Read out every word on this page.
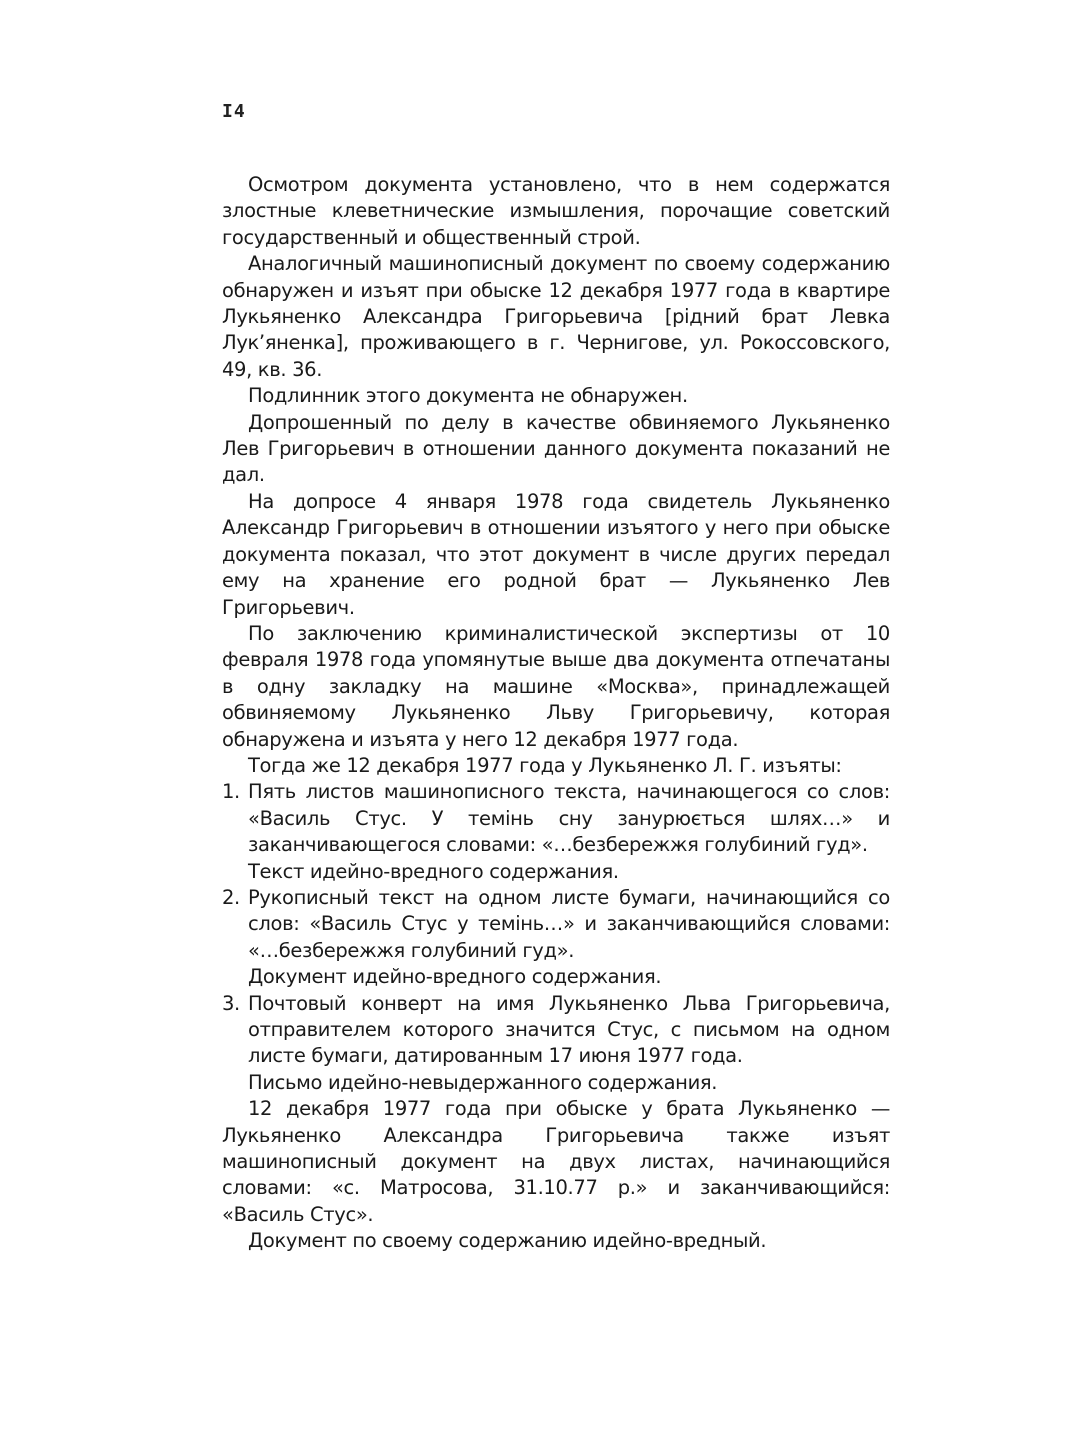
I4

Осмотром документа установлено, что в нем содержатся злостные клеветнические измышления, порочащие советский государственный и общественный строй.

Аналогичный машинописный документ по своему содержанию обнаружен и изъят при обыске 12 декабря 1977 года в квартире Лукьяненко Александра Григорьевича [рідний брат Левка Лук’яненка], проживающего в г. Чернигове, ул. Рокоссовского, 49, кв. 36.

Подлинник этого документа не обнаружен.

Допрошенный по делу в качестве обвиняемого Лукьяненко Лев Григорьевич в отношении данного документа показаний не дал.

На допросе 4 января 1978 года свидетель Лукьяненко Александр Григорьевич в отношении изъятого у него при обыске документа показал, что этот документ в числе других передал ему на хранение его родной брат — Лукьяненко Лев Григорьевич.

По заключению криминалистической экспертизы от 10 февраля 1978 года упомянутые выше два документа отпечатаны в одну закладку на машине «Москва», принадлежащей обвиняемому Лукьяненко Льву Григорьевичу, которая обнаружена и изъята у него 12 декабря 1977 года.

Тогда же 12 декабря 1977 года у Лукьяненко Л. Г. изъяты:

1. Пять листов машинописного текста, начинающегося со слов: «Василь Стус. У темінь сну занурюється шлях…» и заканчивающегося словами: «…безбережжя голубиний гуд».
Текст идейно-вредного содержания.
2. Рукописный текст на одном листе бумаги, начинающийся со слов: «Василь Стус у темінь…» и заканчивающийся словами: «…безбережжя голубиний гуд».
Документ идейно-вредного содержания.
3. Почтовый конверт на имя Лукьяненко Льва Григорьевича, отправителем которого значится Стус, с письмом на одном листе бумаги, датированным 17 июня 1977 года.
Письмо идейно-невыдержанного содержания.

12 декабря 1977 года при обыске у брата Лукьяненко — Лукьяненко Александра Григорьевича также изъят машинописный документ на двух листах, начинающийся словами: «с. Матросова, 31.10.77 р.» и заканчивающийся: «Василь Стус».

Документ по своему содержанию идейно-вредный.
